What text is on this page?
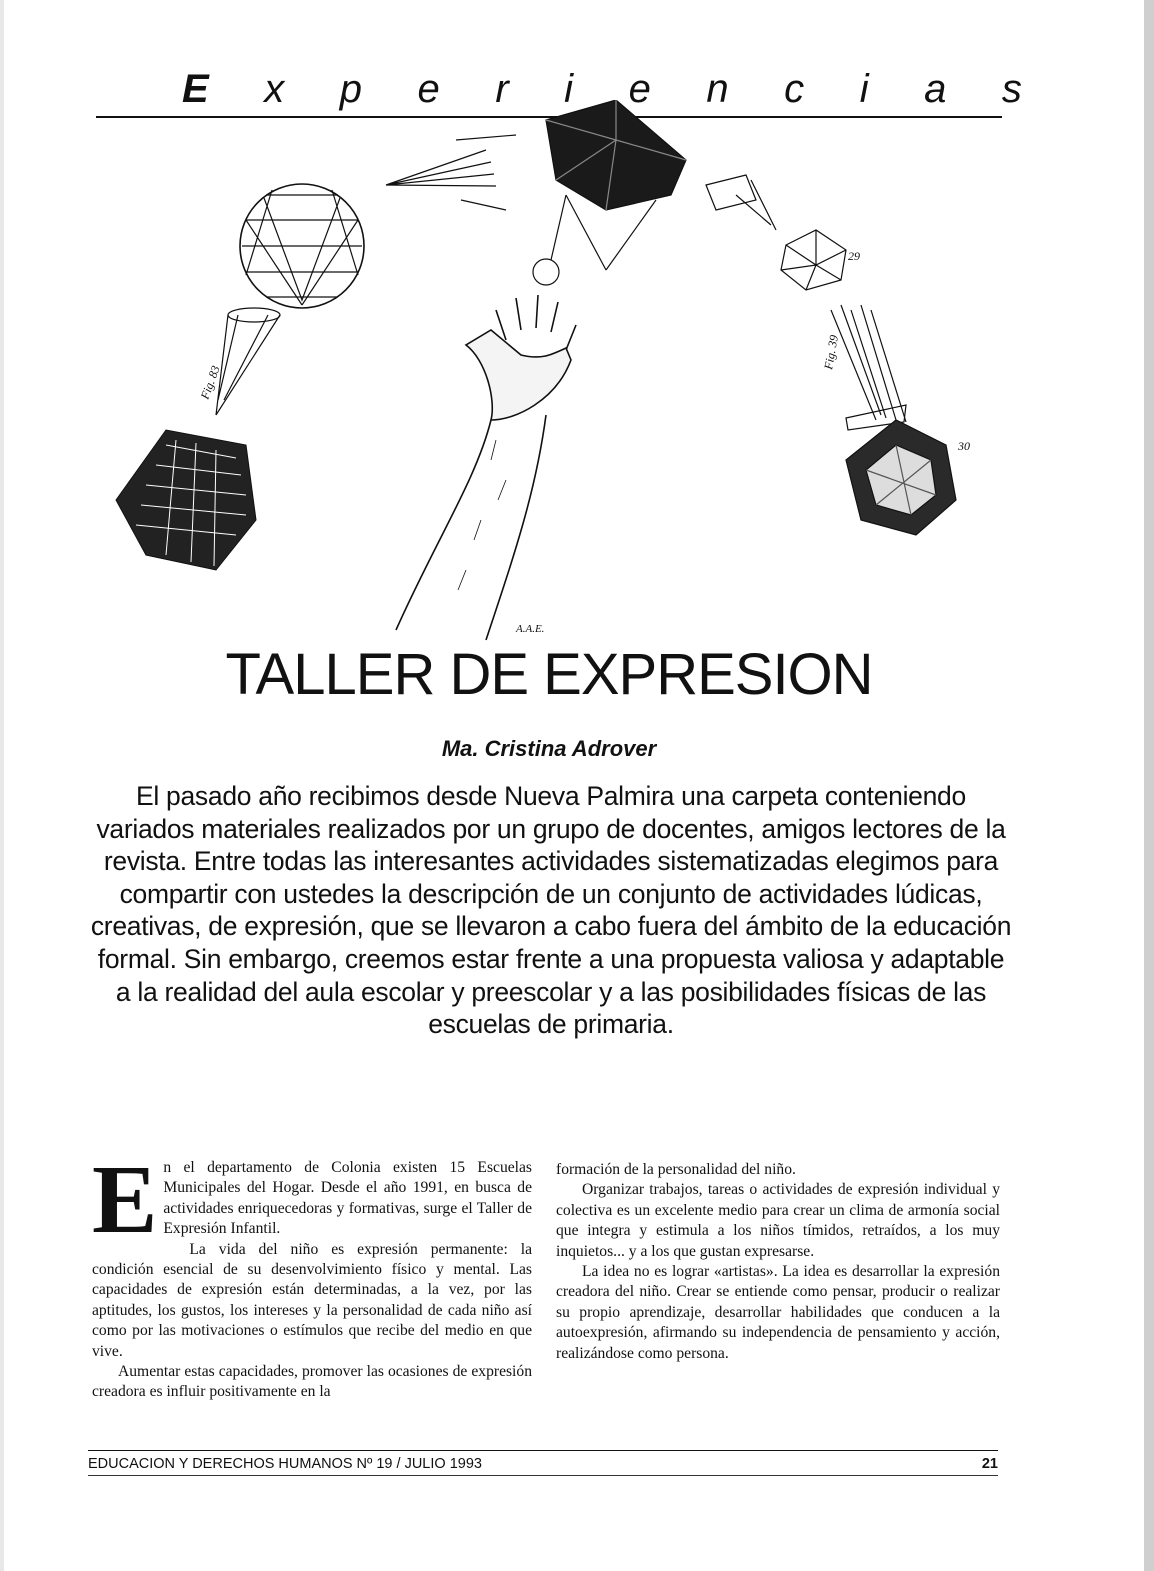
E x p e r i e n c i a s
Fig. 83
Fig. 39
29
30
A.A.E.
TALLER DE EXPRESION
Ma. Cristina Adrover
El pasado año recibimos desde Nueva Palmira una carpeta conteniendo variados materiales realizados por un grupo de docentes, amigos lectores de la revista. Entre todas las interesantes actividades sistematizadas elegimos para compartir con ustedes la descripción de un conjunto de actividades lúdicas, creativas, de expresión, que se llevaron a cabo fuera del ámbito de la educación formal. Sin embargo, creemos estar frente a una propuesta valiosa y adaptable a la realidad del aula escolar y preescolar y a las posibilidades físicas de las escuelas de primaria.

En el departamento de Colonia existen 15 Escuelas Municipales del Hogar. Desde el año 1991, en busca de actividades enriquecedoras y formativas, surge el Taller de Expresión Infantil.

La vida del niño es expresión permanente: la condición esencial de su desenvolvimiento físico y mental. Las capacidades de expresión están determinadas, a la vez, por las aptitudes, los gustos, los intereses y la personalidad de cada niño así como por las motivaciones o estímulos que recibe del medio en que vive.

Aumentar estas capacidades, promover las ocasiones de expresión creadora es influir positivamente en la

formación de la personalidad del niño.

Organizar trabajos, tareas o actividades de expresión individual y colectiva es un excelente medio para crear un clima de armonía social que integra y estimula a los niños tímidos, retraídos, a los muy inquietos... y a los que gustan expresarse.

La idea no es lograr «artistas». La idea es desarrollar la expresión creadora del niño. Crear se entiende como pensar, producir o realizar su propio aprendizaje, desarrollar habilidades que conducen a la autoexpresión, afirmando su independencia de pensamiento y acción, realizándose como persona.

EDUCACION Y DERECHOS HUMANOS Nº 19 / JULIO 1993	21
